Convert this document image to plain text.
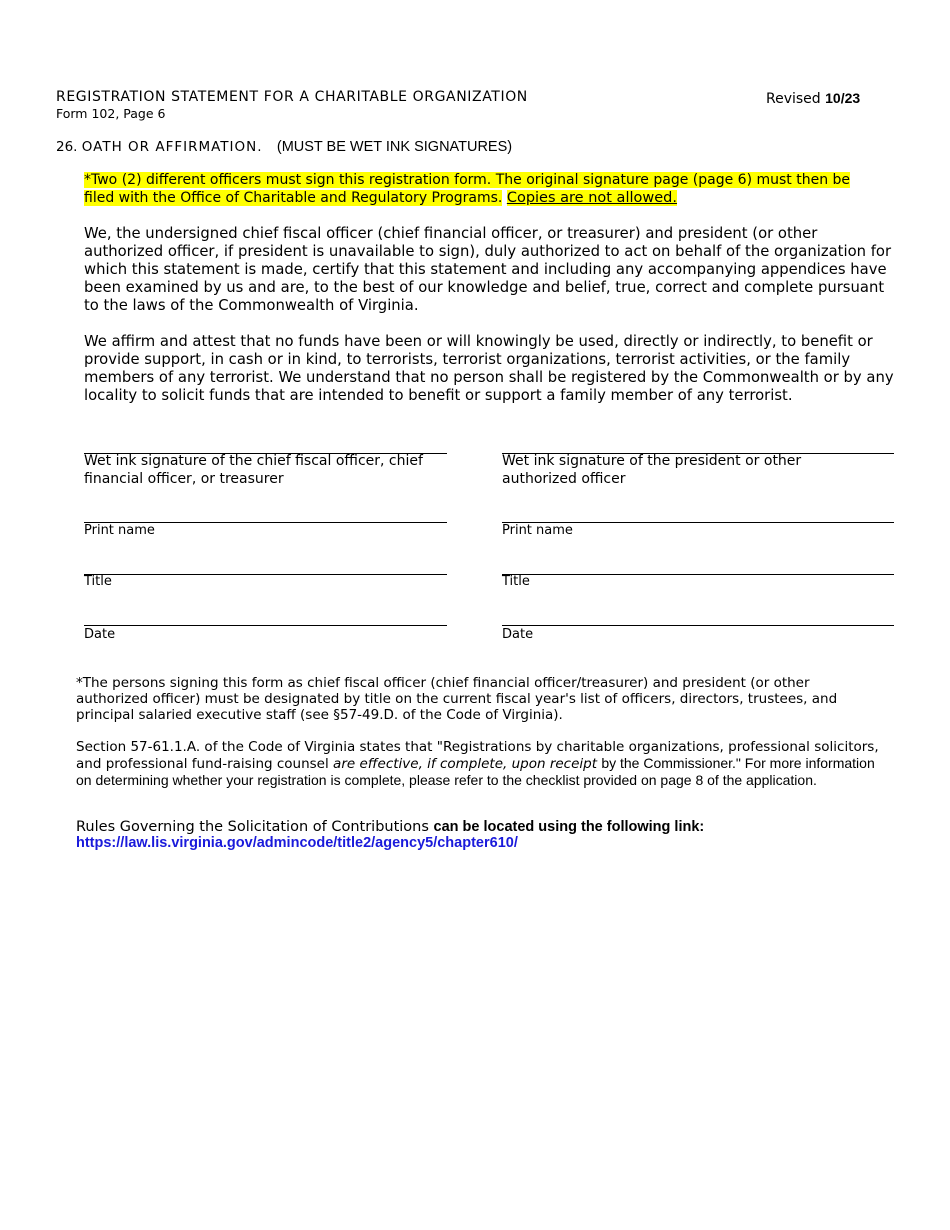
REGISTRATION STATEMENT FOR A CHARITABLE ORGANIZATION
Form 102, Page 6
Revised 10/23
26. OATH OR AFFIRMATION. (MUST BE WET INK SIGNATURES)
*Two (2) different officers must sign this registration form. The original signature page (page 6) must then be filed with the Office of Charitable and Regulatory Programs. Copies are not allowed.
We, the undersigned chief fiscal officer (chief financial officer, or treasurer) and president (or other authorized officer, if president is unavailable to sign), duly authorized to act on behalf of the organization for which this statement is made, certify that this statement and including any accompanying appendices have been examined by us and are, to the best of our knowledge and belief, true, correct and complete pursuant to the laws of the Commonwealth of Virginia.
We affirm and attest that no funds have been or will knowingly be used, directly or indirectly, to benefit or provide support, in cash or in kind, to terrorists, terrorist organizations, terrorist activities, or the family members of any terrorist. We understand that no person shall be registered by the Commonwealth or by any locality to solicit funds that are intended to benefit or support a family member of any terrorist.
Wet ink signature of the chief fiscal officer, chief financial officer, or treasurer
Print name
Title
Date
Wet ink signature of the president or other authorized officer
Print name
Title
Date
*The persons signing this form as chief fiscal officer (chief financial officer/treasurer) and president (or other authorized officer) must be designated by title on the current fiscal year's list of officers, directors, trustees, and principal salaried executive staff (see §57-49.D. of the Code of Virginia).
Section 57-61.1.A. of the Code of Virginia states that "Registrations by charitable organizations, professional solicitors, and professional fund-raising counsel are effective, if complete, upon receipt by the Commissioner." For more information on determining whether your registration is complete, please refer to the checklist provided on page 8 of the application.
Rules Governing the Solicitation of Contributions can be located using the following link:
https://law.lis.virginia.gov/admincode/title2/agency5/chapter610/
